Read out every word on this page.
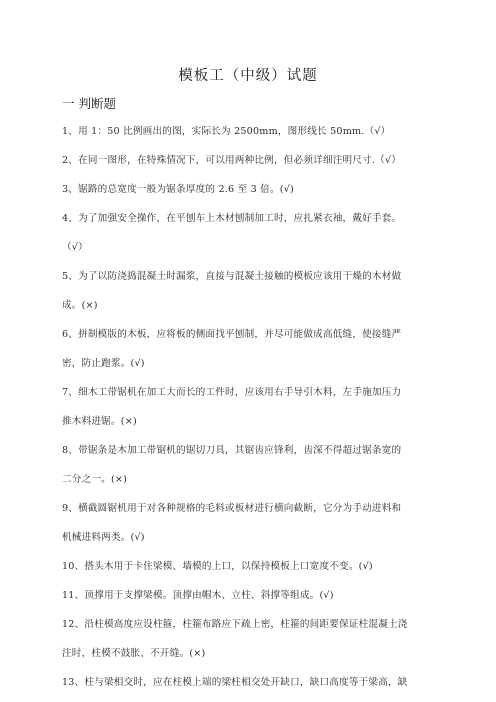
模板工（中级）试题
一 判断题
1、用 1：50 比例画出的图，实际长为 2500mm，图形线长 50mm.（√）
2、在同一图形，在特殊情况下，可以用两种比例，但必须详细注明尺寸.（√）
3、锯路的总宽度一般为锯条厚度的 2.6 至 3 倍。(√)
4、为了加强安全操作，在平刨车上木材刨制加工时，应扎紧衣袖，戴好手套。
（√）
5、为了以防浇捣混凝土时漏浆，直接与混凝土接触的模板应该用干燥的木材做
成。(×)
6、拼制模版的木板，应将板的侧面找平刨制，并尽可能做成高低缝，使接缝严
密，防止跑浆。(√)
7、细木工带锯机在加工大而长的工件时，应该用右手导引木料，左手施加压力
推木料进锯。(×)
8、带锯条是木加工带锯机的锯切刀具，其锯齿应锋利，齿深不得超过锯条宽的
二分之一。(×)
9、横截圆锯机用于对各种规格的毛料或板材进行横向截断，它分为手动进料和
机械进料两类。(√)
10、搭头木用于卡住梁模、墙模的上口，以保持模板上口宽度不变。(√)
11、顶撑用于支撑梁模。顶撑由帽木、立柱、斜撑等组成。(√)
12、沿柱模高度应设柱箍，柱箍布路应下疏上密，柱箍的间距要保证柱混凝土浇
注时，柱模不鼓胀、不开缝。(×)
13、柱与梁相交时，应在柱模上端的梁柱相交处开缺口，缺口高度等于梁高，缺
